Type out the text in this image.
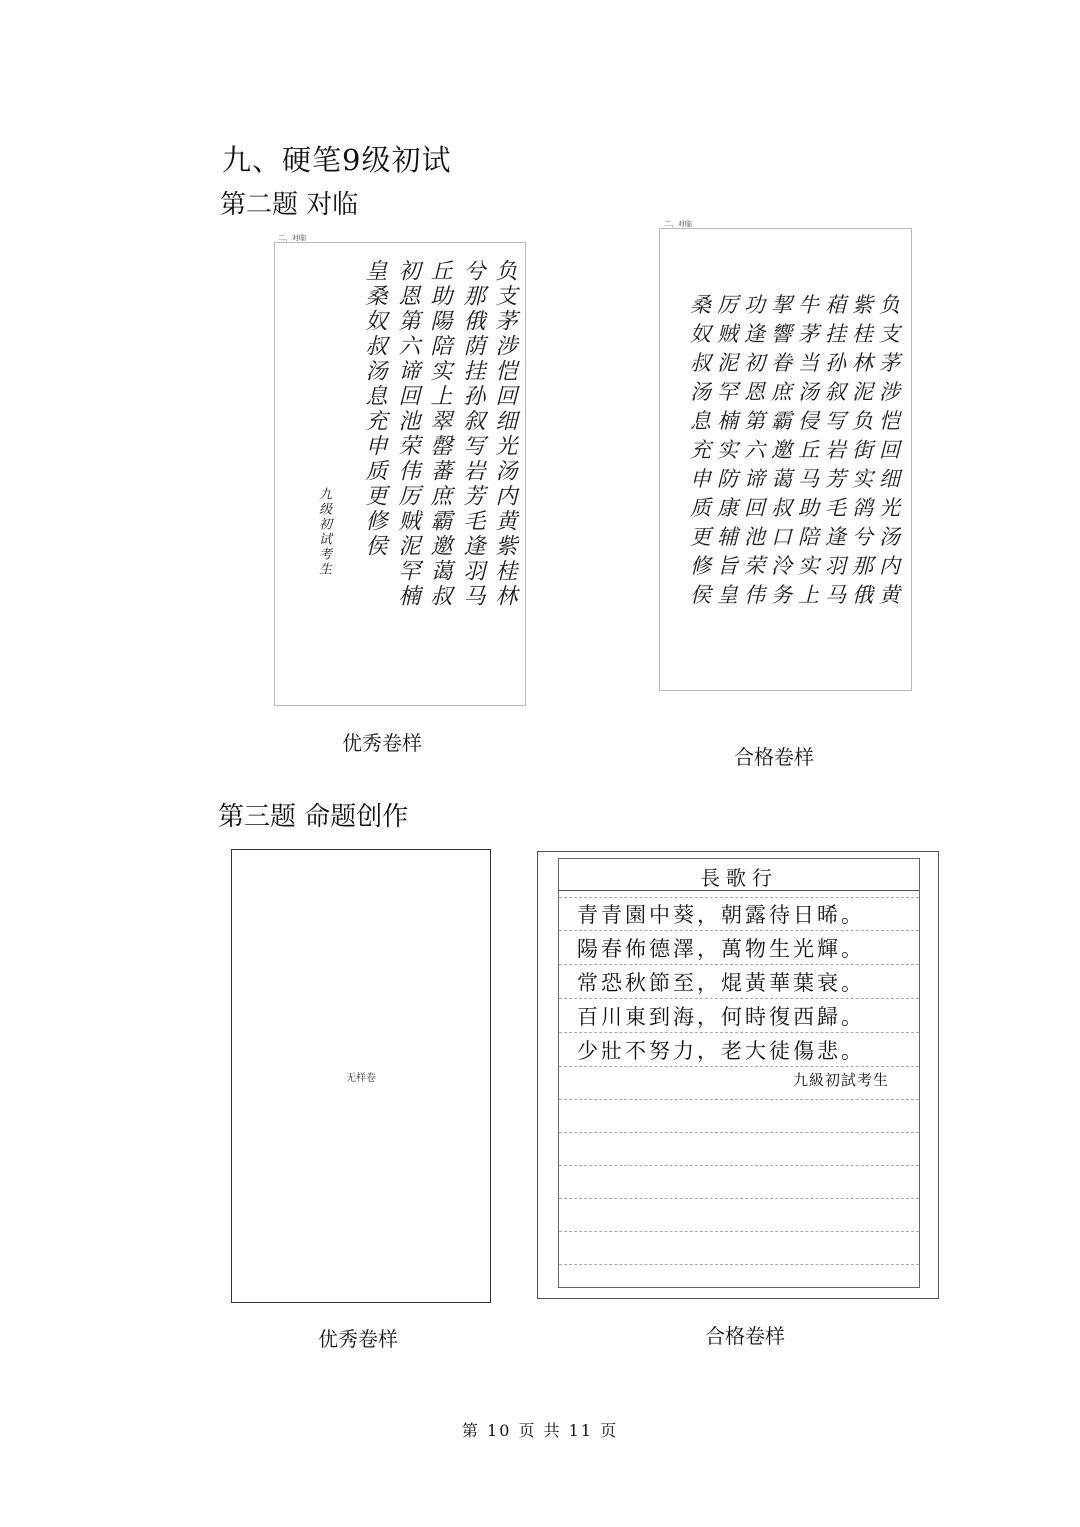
九、硬笔9级初试
第二题 对临
二、对临
负支茅涉恺回细光汤内黄紫桂林
兮那俄荫挂孙叙写岩芳毛逢羽马
丘助陽陪实上翠罄蕃庶霸邀蔼叔
初恩第六谛回池荣伟厉贼泥罕楠
皇桑奴叔汤息充申质更修侯
九级初试考生
优秀卷样
二、对临
桑厉功挈牛葙紫负
奴贼逢響茅挂桂支
叔泥初眷当孙林茅
汤罕恩庶汤叙泥涉
息楠第霸侵写负恺
充实六邀丘岩街回
申防谛蔼马芳实细
质康回叔助毛鹆光
更辅池口陪逢兮汤
修旨荣泠实羽那内
侯皇伟务上马俄黄
合格卷样
第三题 命题创作
无样卷
优秀卷样
長歌行
青青園中葵，朝露待日晞。
陽春佈德澤，萬物生光輝。
常恐秋節至，焜黃華葉衰。
百川東到海，何時復西歸。
少壯不努力，老大徒傷悲。
九級初試考生
合格卷样
第 10 页 共 11 页
